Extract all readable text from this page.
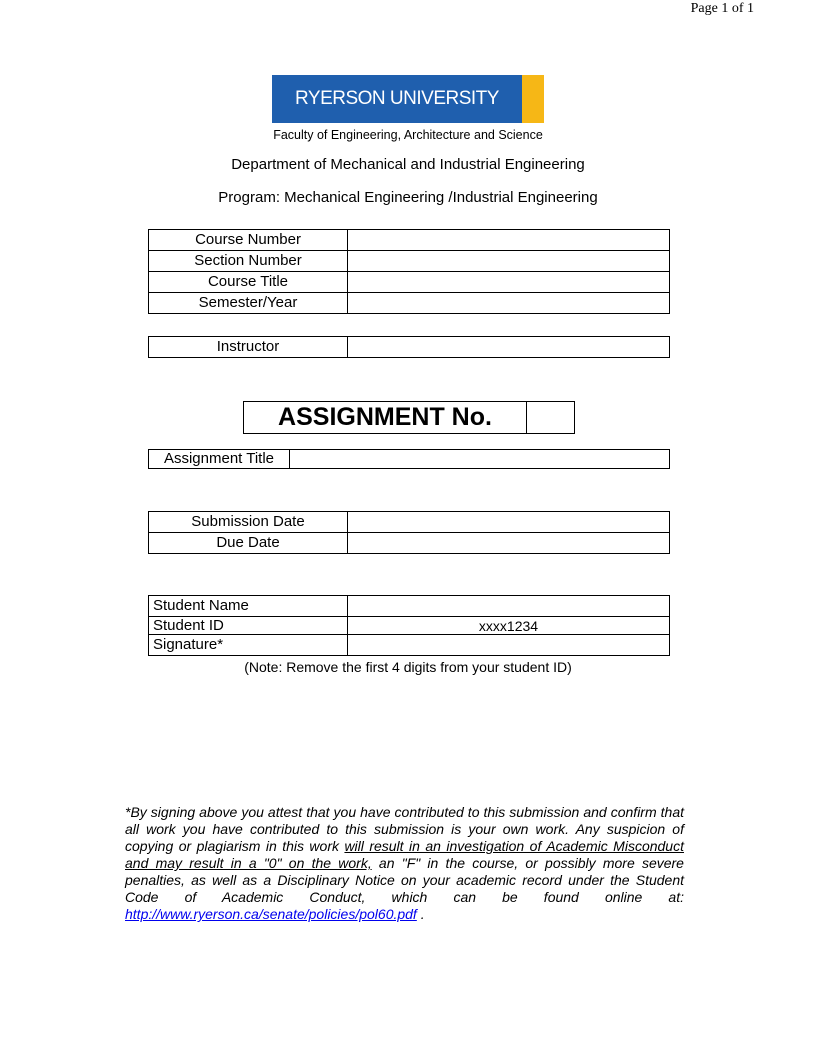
Page 1 of 1
RYERSON UNIVERSITY
Faculty of Engineering, Architecture and Science
Department of Mechanical and Industrial Engineering
Program: Mechanical Engineering /Industrial Engineering
Course Number	
Section Number	
Course Title	
Semester/Year	
Instructor	
ASSIGNMENT No.
Assignment Title	
Submission Date	
Due Date	
Student Name	
Student ID	xxxx1234
Signature*	
(Note: Remove the first 4 digits from your student ID)
*By signing above you attest that you have contributed to this submission and confirm that all work you have contributed to this submission is your own work. Any suspicion of copying or plagiarism in this work will result in an investigation of Academic Misconduct and may result in a "0" on the work, an "F" in the course, or possibly more severe penalties, as well as a Disciplinary Notice on your academic record under the Student Code of Academic Conduct, which can be found online at: http://www.ryerson.ca/senate/policies/pol60.pdf .
